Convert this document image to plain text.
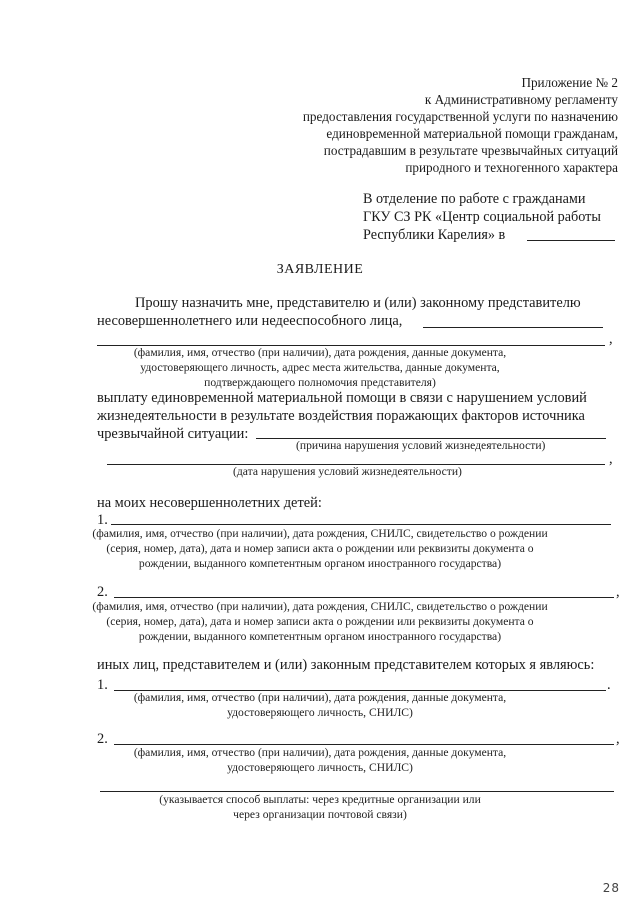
Приложение № 2
к Административному регламенту
предоставления государственной услуги по назначению
единовременной материальной помощи гражданам,
пострадавшим в результате чрезвычайных ситуаций
природного и техногенного характера
В отделение по работе с гражданами
ГКУ СЗ РК «Центр социальной работы
Республики Карелия» в
ЗАЯВЛЕНИЕ
Прошу назначить мне, представителю и (или) законному представителю
несовершеннолетнего или недееспособного лица,
,
(фамилия, имя, отчество (при наличии), дата рождения, данные документа,
удостоверяющего личность, адрес места жительства, данные документа,
подтверждающего полномочия представителя)
выплату единовременной материальной помощи в связи с нарушением условий
жизнедеятельности в результате воздействия поражающих факторов источника
чрезвычайной ситуации:
(причина нарушения условий жизнедеятельности)
,
(дата нарушения условий жизнедеятельности)
на моих несовершеннолетних детей:
1.
(фамилия, имя, отчество (при наличии), дата рождения, СНИЛС, свидетельство о рождении
(серия, номер, дата), дата и номер записи акта о рождении или реквизиты документа о
рождении, выданного компетентным органом иностранного государства)
2.	,
(фамилия, имя, отчество (при наличии), дата рождения, СНИЛС, свидетельство о рождении
(серия, номер, дата), дата и номер записи акта о рождении или реквизиты документа о
рождении, выданного компетентным органом иностранного государства)
иных лиц, представителем и (или) законным представителем которых я являюсь:
1.	.
(фамилия, имя, отчество (при наличии), дата рождения, данные документа,
удостоверяющего личность, СНИЛС)
2.	,
(фамилия, имя, отчество (при наличии), дата рождения, данные документа,
удостоверяющего личность, СНИЛС)
(указывается способ выплаты: через кредитные организации или
через организации почтовой связи)
28
